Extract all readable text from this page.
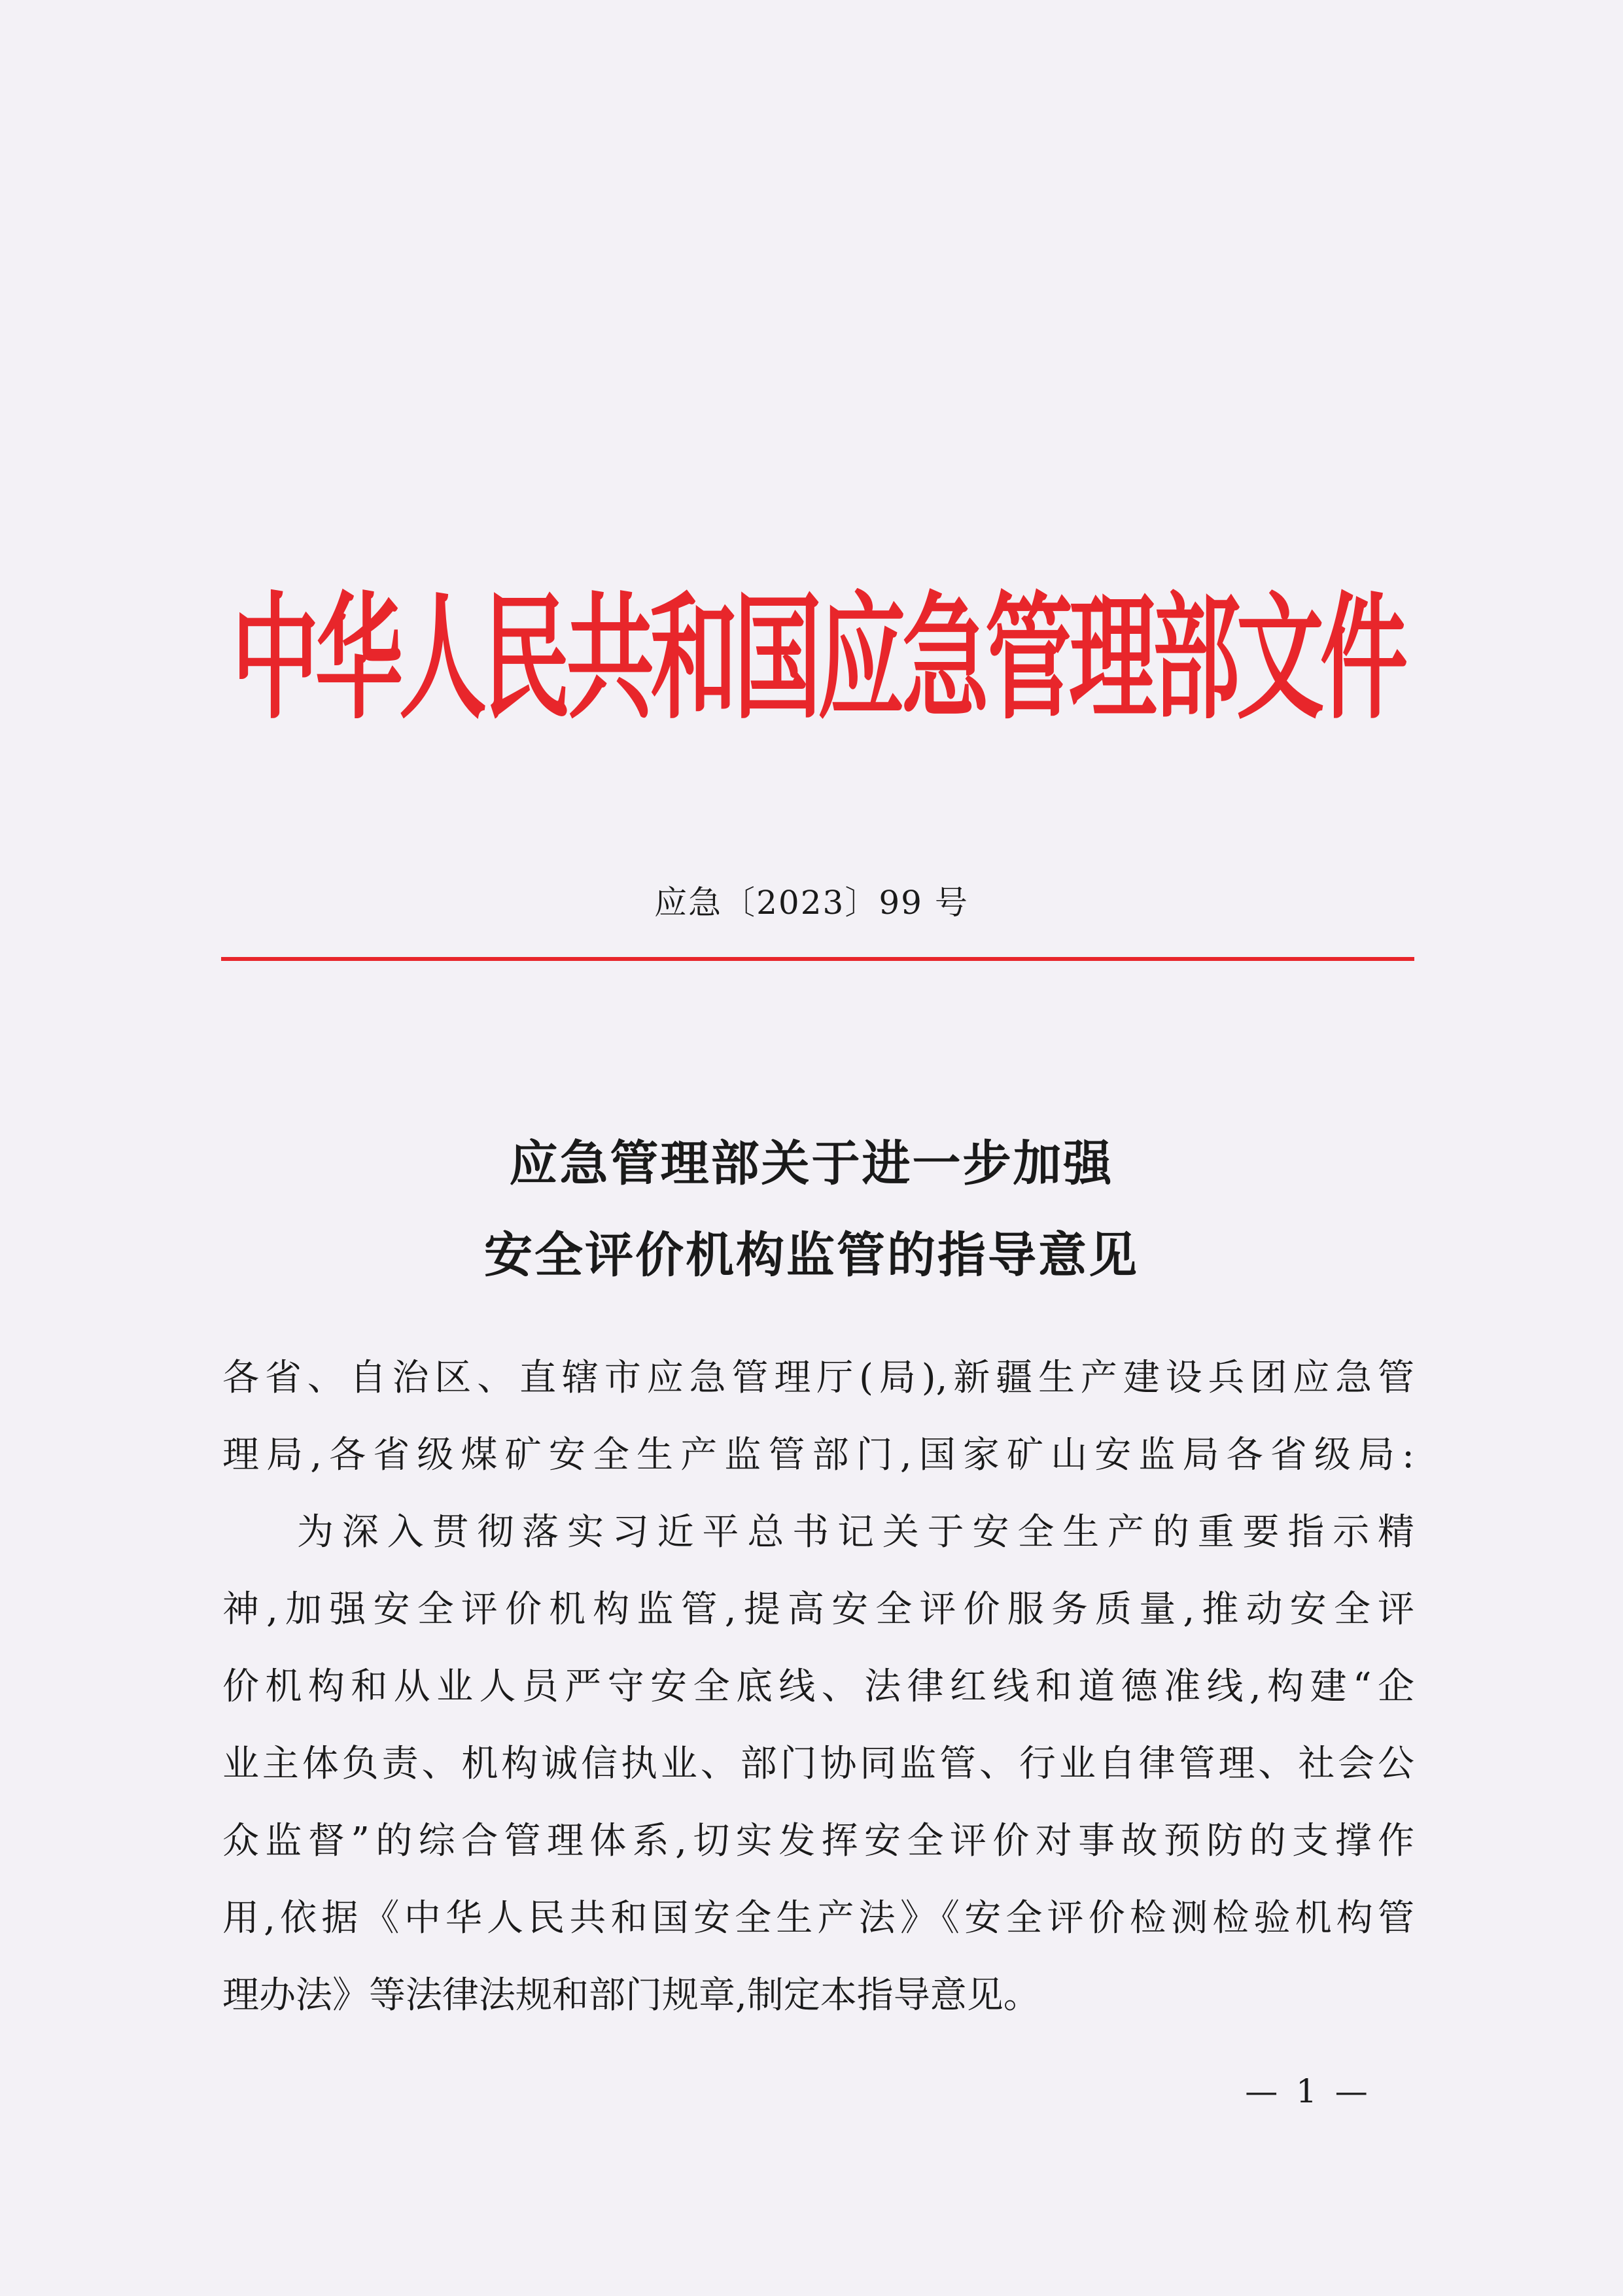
中华人民共和国应急管理部文件
应急〔2023〕99 号
应急管理部关于进一步加强
安全评价机构监管的指导意见
各省、自治区、直辖市应急管理厅(局),新疆生产建设兵团应急管
理局,各省级煤矿安全生产监管部门,国家矿山安监局各省级局:
为深入贯彻落实习近平总书记关于安全生产的重要指示精
神,加强安全评价机构监管,提高安全评价服务质量,推动安全评
价机构和从业人员严守安全底线、法律红线和道德准线,构建“企
业主体负责、机构诚信执业、部门协同监管、行业自律管理、社会公
众监督”的综合管理体系,切实发挥安全评价对事故预防的支撑作
用,依据《中华人民共和国安全生产法》《安全评价检测检验机构管
理办法》等法律法规和部门规章,制定本指导意见。
— 1 —
